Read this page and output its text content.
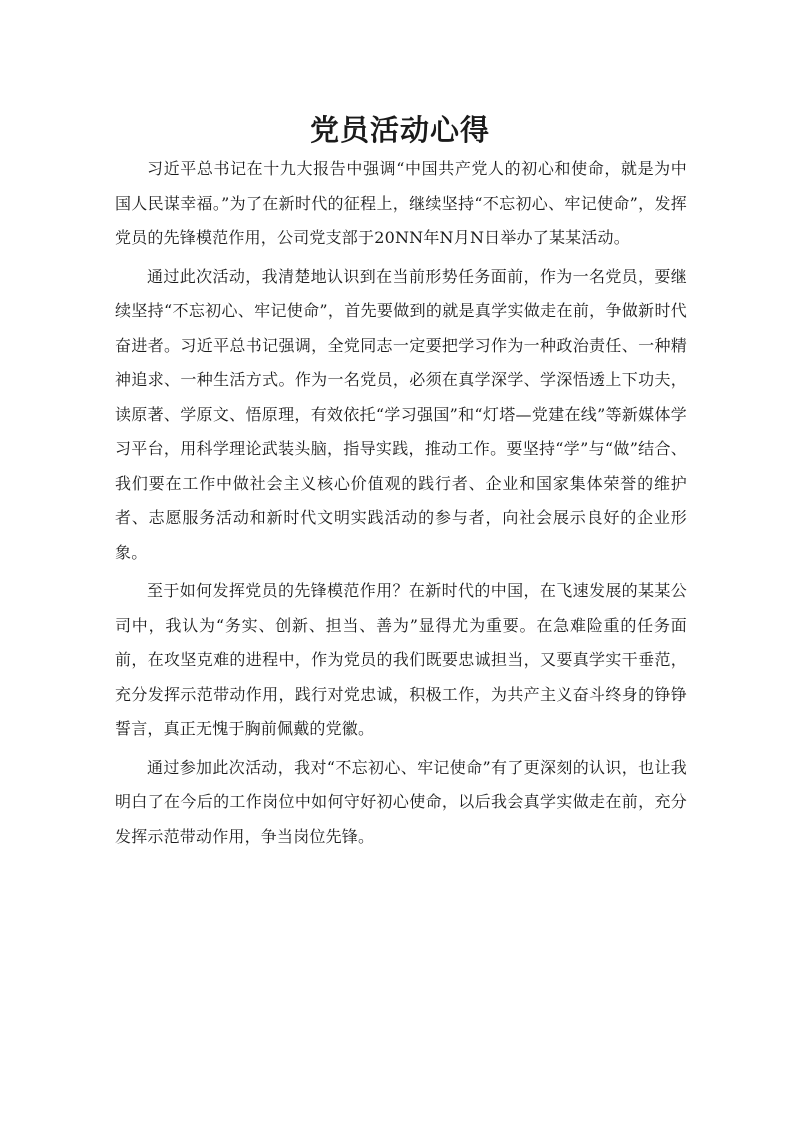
党员活动心得

习近平总书记在十九大报告中强调“中国共产党人的初心和使命，就是为中国人民谋幸福。”为了在新时代的征程上，继续坚持“不忘初心、牢记使命”，发挥党员的先锋模范作用，公司党支部于20NN年N月N日举办了某某活动。

通过此次活动，我清楚地认识到在当前形势任务面前，作为一名党员，要继续坚持“不忘初心、牢记使命”，首先要做到的就是真学实做走在前，争做新时代奋进者。习近平总书记强调，全党同志一定要把学习作为一种政治责任、一种精神追求、一种生活方式。作为一名党员，必须在真学深学、学深悟透上下功夫，读原著、学原文、悟原理，有效依托“学习强国”和“灯塔—党建在线”等新媒体学习平台，用科学理论武装头脑，指导实践，推动工作。要坚持“学”与“做”结合、我们要在工作中做社会主义核心价值观的践行者、企业和国家集体荣誉的维护者、志愿服务活动和新时代文明实践活动的参与者，向社会展示良好的企业形象。

至于如何发挥党员的先锋模范作用？在新时代的中国，在飞速发展的某某公司中，我认为“务实、创新、担当、善为”显得尤为重要。在急难险重的任务面前，在攻坚克难的进程中，作为党员的我们既要忠诚担当，又要真学实干垂范，充分发挥示范带动作用，践行对党忠诚，积极工作，为共产主义奋斗终身的铮铮誓言，真正无愧于胸前佩戴的党徽。

通过参加此次活动，我对“不忘初心、牢记使命”有了更深刻的认识，也让我明白了在今后的工作岗位中如何守好初心使命，以后我会真学实做走在前，充分发挥示范带动作用，争当岗位先锋。
